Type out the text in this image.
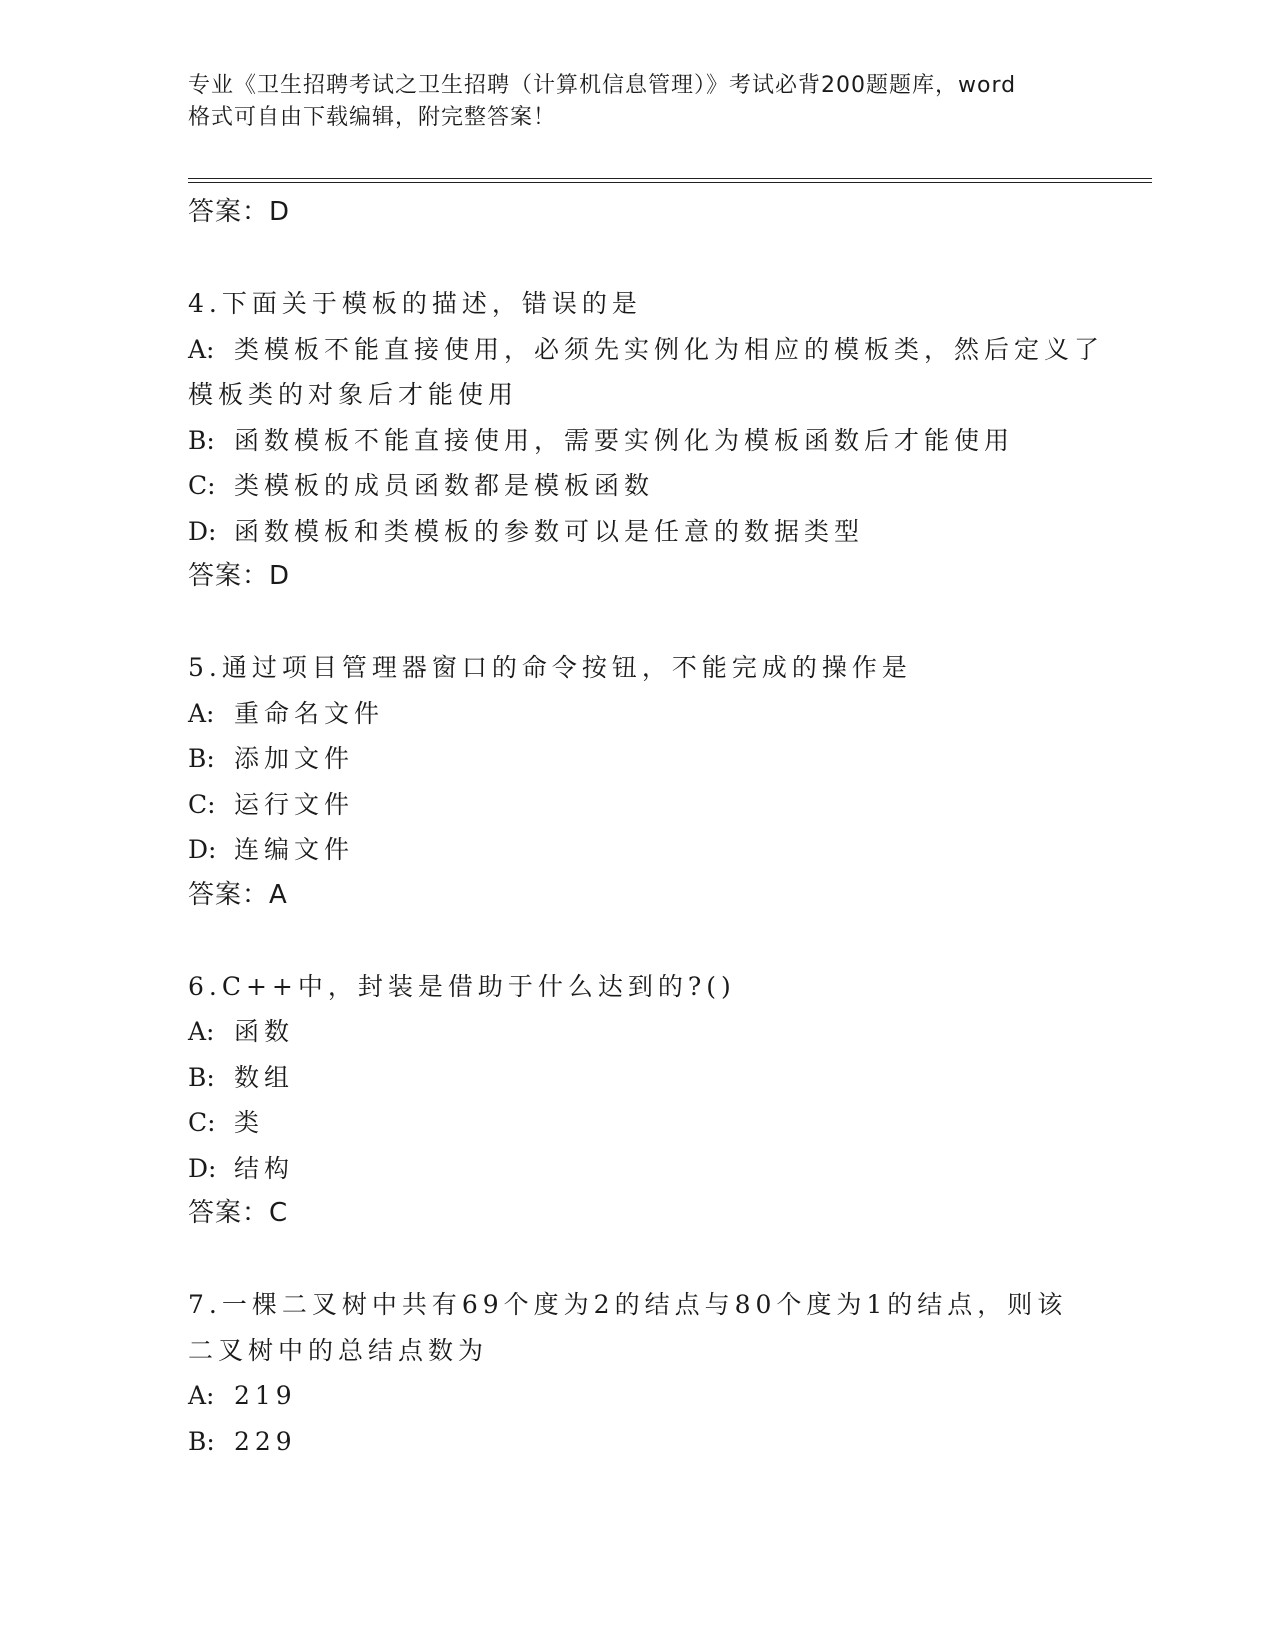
专业《卫生招聘考试之卫生招聘（计算机信息管理）》考试必背200题题库，word
格式可自由下载编辑，附完整答案！
答案：D

4.下面关于模板的描述，错误的是

A: 类模板不能直接使用，必须先实例化为相应的模板类，然后定义了

模板类的对象后才能使用

B: 函数模板不能直接使用，需要实例化为模板函数后才能使用

C: 类模板的成员函数都是模板函数

D: 函数模板和类模板的参数可以是任意的数据类型

答案：D

5.通过项目管理器窗口的命令按钮，不能完成的操作是

A: 重命名文件

B: 添加文件

C: 运行文件

D: 连编文件

答案：A

6.C++中，封装是借助于什么达到的?()

A: 函数

B: 数组

C: 类

D: 结构

答案：C

7.一棵二叉树中共有69个度为2的结点与80个度为1的结点，则该

二叉树中的总结点数为

A: 219

B: 229
